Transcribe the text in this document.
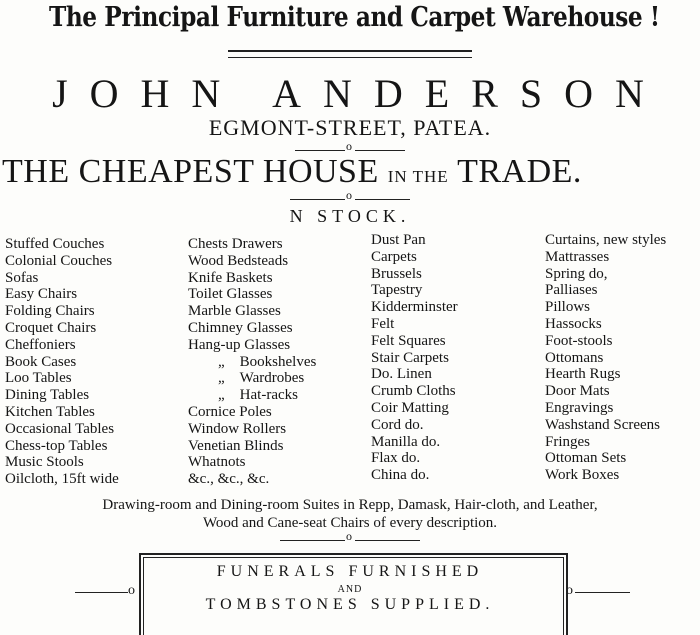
The Principal Furniture and Carpet Warehouse !
JOHN ANDERSON
EGMONT-STREET, PATEA.
o
THE CHEAPEST HOUSE IN THE TRADE.
o
N STOCK.
Stuffed Couches
Colonial Couches
Sofas
Easy Chairs
Folding Chairs
Croquet Chairs
Cheffoniers
Book Cases
Loo Tables
Dining Tables
Kitchen Tables
Occasional Tables
Chess-top Tables
Music Stools
Oilcloth, 15ft wide
Chests Drawers
Wood Bedsteads
Knife Baskets
Toilet Glasses
Marble Glasses
Chimney Glasses
Hang-up Glasses
„ Bookshelves
„ Wardrobes
„ Hat-racks
Cornice Poles
Window Rollers
Venetian Blinds
Whatnots
&c., &c., &c.
Dust Pan
Carpets
Brussels
Tapestry
Kidderminster
Felt
Felt Squares
Stair Carpets
Do. Linen
Crumb Cloths
Coir Matting
Cord do.
Manilla do.
Flax do.
China do.
Curtains, new styles
Mattrasses
Spring do,
Palliases
Pillows
Hassocks
Foot-stools
Ottomans
Hearth Rugs
Door Mats
Engravings
Washstand Screens
Fringes
Ottoman Sets
Work Boxes
Drawing-room and Dining-room Suites in Repp, Damask, Hair-cloth, and Leather,
Wood and Cane-seat Chairs of every description.
o
o	o
FUNERALS FURNISHED
AND
TOMBSTONES SUPPLIED.
